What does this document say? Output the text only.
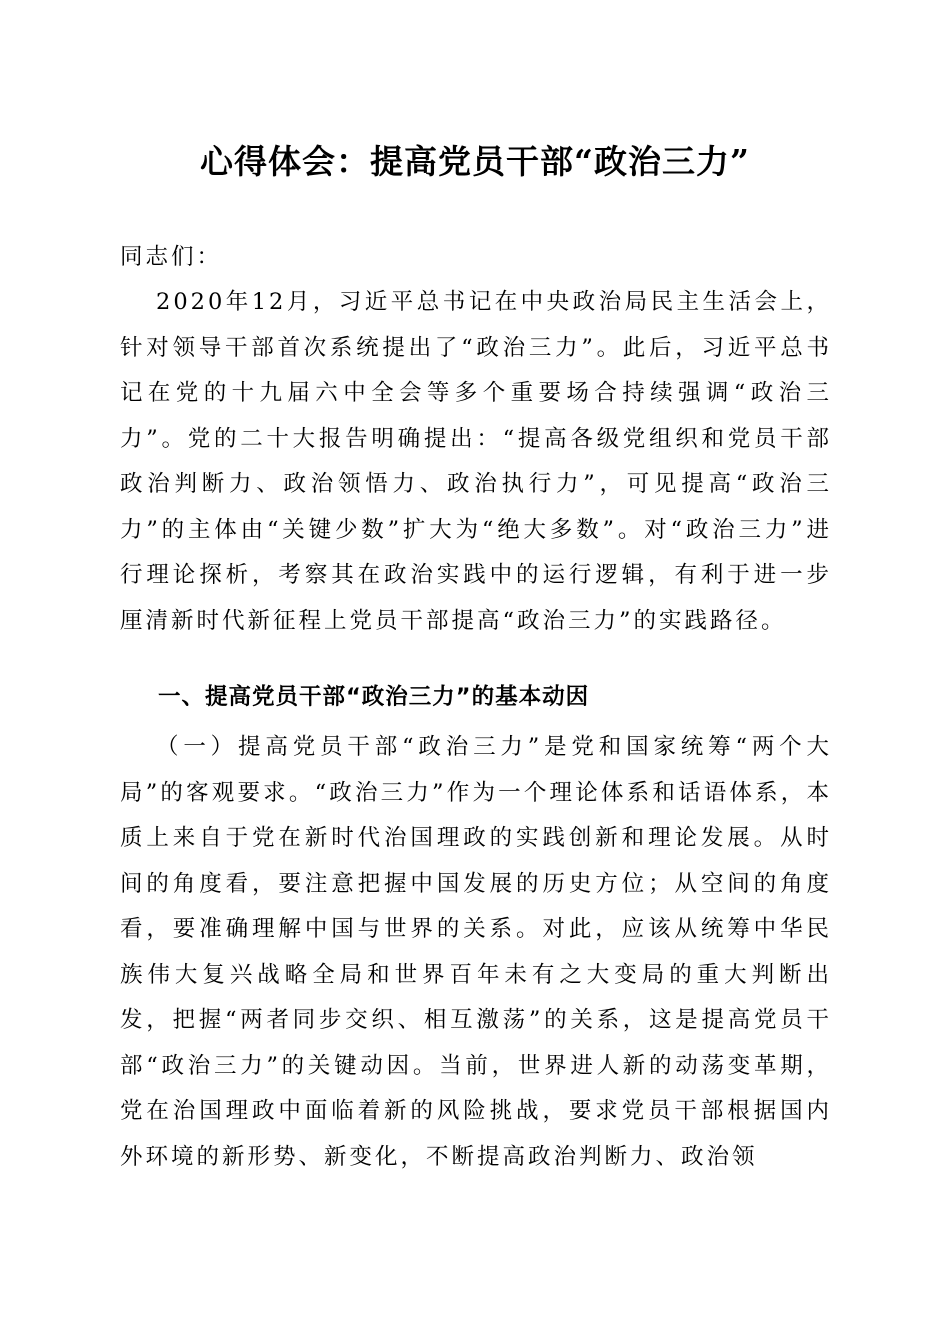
心得体会：提高党员干部“政治三力”
同志们：
2020年12月，习近平总书记在中央政治局民主生活会上，针对领导干部首次系统提出了“政治三力”。此后，习近平总书记在党的十九届六中全会等多个重要场合持续强调“政治三力”。党的二十大报告明确提出：“提高各级党组织和党员干部政治判断力、政治领悟力、政治执行力”，可见提高“政治三力”的主体由“关键少数”扩大为“绝大多数”。对“政治三力”进行理论探析，考察其在政治实践中的运行逻辑，有利于进一步厘清新时代新征程上党员干部提高“政治三力”的实践路径。
一、提高党员干部“政治三力”的基本动因
（一）提高党员干部“政治三力”是党和国家统筹“两个大局”的客观要求。“政治三力”作为一个理论体系和话语体系，本质上来自于党在新时代治国理政的实践创新和理论发展。从时间的角度看，要注意把握中国发展的历史方位；从空间的角度看，要准确理解中国与世界的关系。对此，应该从统筹中华民族伟大复兴战略全局和世界百年未有之大变局的重大判断出发，把握“两者同步交织、相互激荡”的关系，这是提高党员干部“政治三力”的关键动因。当前，世界进人新的动荡变革期，党在治国理政中面临着新的风险挑战，要求党员干部根据国内外环境的新形势、新变化，不断提高政治判断力、政治领
